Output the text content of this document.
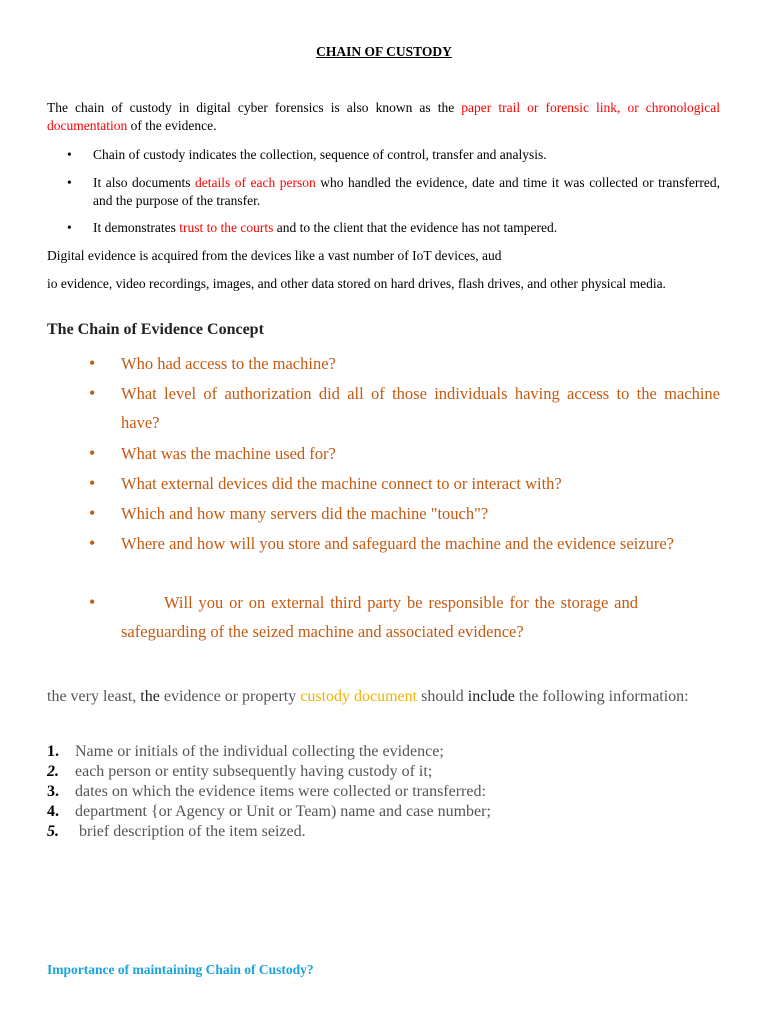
CHAIN OF CUSTODY
The chain of custody in digital cyber forensics is also known as the paper trail or forensic link, or chronological documentation of the evidence.
• Chain of custody indicates the collection, sequence of control, transfer and analysis.
• It also documents details of each person who handled the evidence, date and time it was collected or transferred, and the purpose of the transfer.
• It demonstrates trust to the courts and to the client that the evidence has not tampered.
Digital evidence is acquired from the devices like a vast number of IoT devices, aud
io evidence, video recordings, images, and other data stored on hard drives, flash drives, and other physical media.
The Chain of Evidence Concept
• Who had access to the machine?
• What level of authorization did all of those individuals having access to the machine have?
• What was the machine used for?
• What external devices did the machine connect to or interact with?
• Which and how many servers did the machine "touch"?
• Where and how will you store and safeguard the machine and the evidence seizure?
•	Will you or on external third party be responsible for the storage and safeguarding of the seized machine and associated evidence?
the very least, the evidence or property custody document should include the following information:
1. Name or initials of the individual collecting the evidence;
2. each person or entity subsequently having custody of it;
3. dates on which the evidence items were collected or transferred:
4. department {or Agency or Unit or Team) name and case number;
5. brief description of the item seized.
Importance of maintaining Chain of Custody?
